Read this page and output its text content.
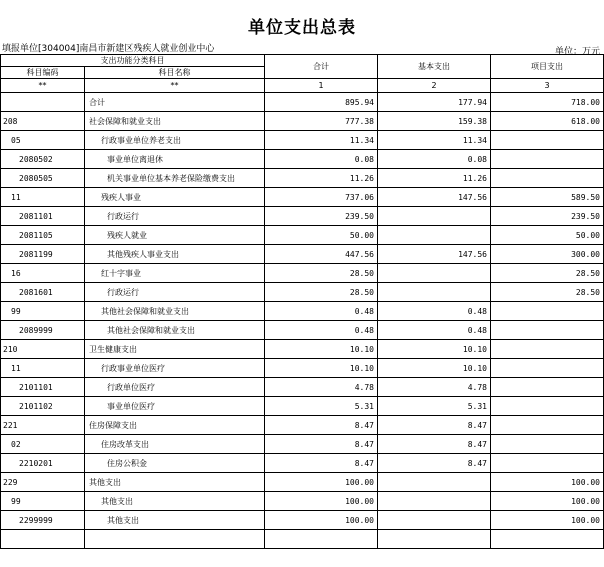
单位支出总表
填报单位[304004]南昌市新建区残疾人就业创业中心	单位：万元
支出功能分类科目		合计	基本支出	项目支出
科目编码	科目名称			
**	**	1	2	3
	合计	895.94	177.94	718.00
208	社会保障和就业支出	777.38	159.38	618.00
05	行政事业单位养老支出	11.34	11.34	
2080502	事业单位离退休	0.08	0.08	
2080505	机关事业单位基本养老保险缴费支出	11.26	11.26	
11	残疾人事业	737.06	147.56	589.50
2081101	行政运行	239.50		239.50
2081105	残疾人就业	50.00		50.00
2081199	其他残疾人事业支出	447.56	147.56	300.00
16	红十字事业	28.50		28.50
2081601	行政运行	28.50		28.50
99	其他社会保障和就业支出	0.48	0.48	
2089999	其他社会保障和就业支出	0.48	0.48	
210	卫生健康支出	10.10	10.10	
11	行政事业单位医疗	10.10	10.10	
2101101	行政单位医疗	4.78	4.78	
2101102	事业单位医疗	5.31	5.31	
221	住房保障支出	8.47	8.47	
02	住房改革支出	8.47	8.47	
2210201	住房公积金	8.47	8.47	
229	其他支出	100.00		100.00
99	其他支出	100.00		100.00
2299999	其他支出	100.00		100.00
